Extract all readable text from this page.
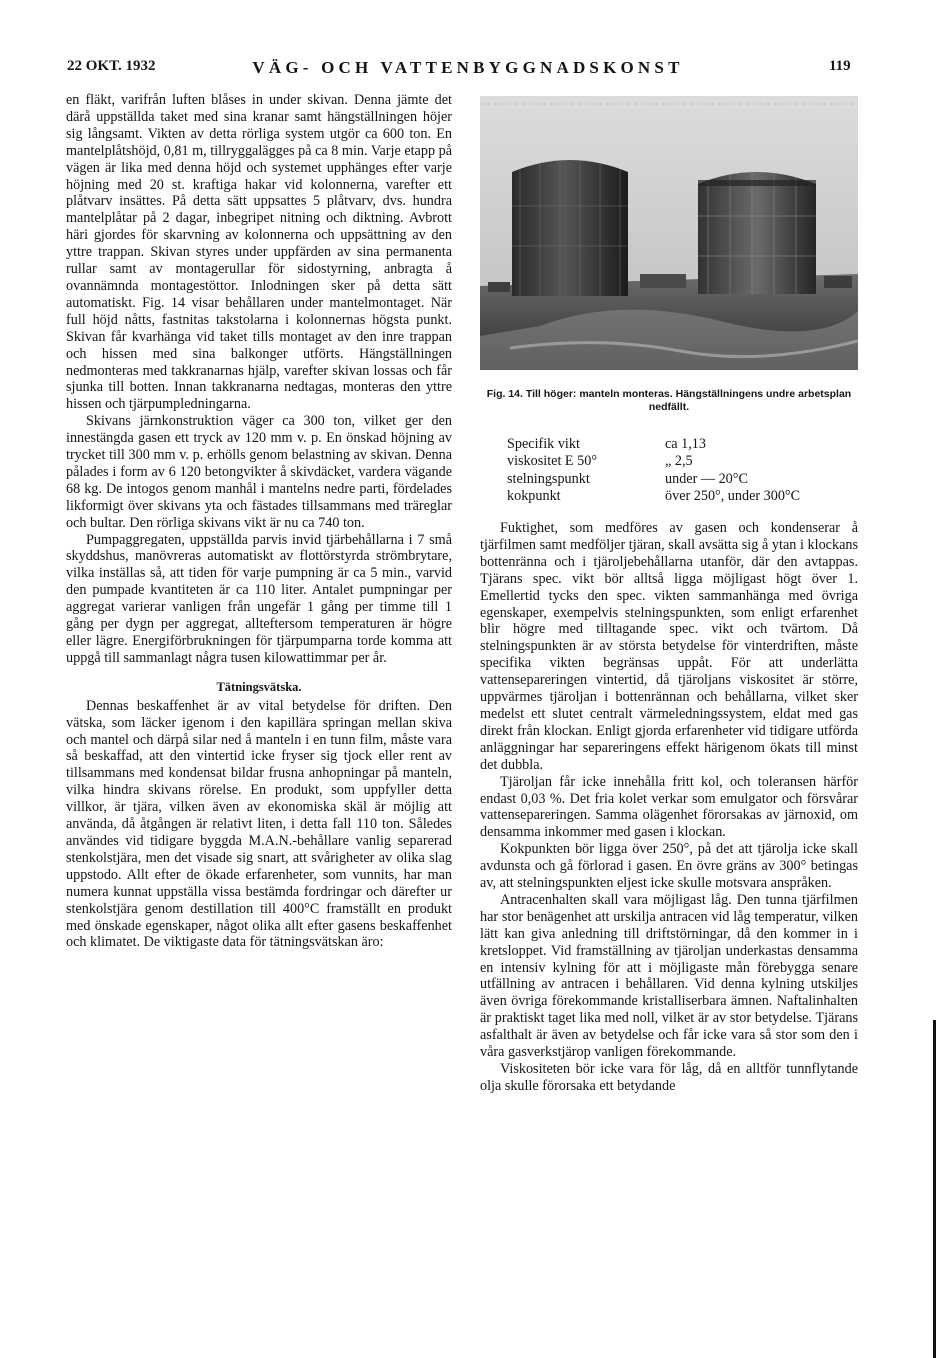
22 OKT. 1932	VÄG- OCH VATTENBYGGNADSKONST	119

en fläkt, varifrån luften blåses in under skivan. Denna jämte det därå uppställda taket med sina kranar samt hängställningen höjer sig långsamt. Vikten av detta rörliga system utgör ca 600 ton. En mantelplåtshöjd, 0,81 m, tillryggalägges på ca 8 min. Varje etapp på vägen är lika med denna höjd och systemet upphänges efter varje höjning med 20 st. kraftiga hakar vid kolonnerna, varefter ett plåtvarv insättes. På detta sätt uppsattes 5 plåtvarv, dvs. hundra mantelplåtar på 2 dagar, inbegripet nitning och diktning. Avbrott häri gjordes för skarvning av kolonnerna och uppsättning av den yttre trappan. Skivan styres under uppfärden av sina permanenta rullar samt av montagerullar för sidostyrning, anbragta å ovannämnda montagestöttor. Inlodningen sker på detta sätt automatiskt. Fig. 14 visar behållaren under mantelmontaget. När full höjd nåtts, fastnitas takstolarna i kolonnernas högsta punkt. Skivan får kvarhänga vid taket tills montaget av den inre trappan och hissen med sina balkonger utförts. Hängställningen nedmonteras med takkranarnas hjälp, varefter skivan lossas och får sjunka till botten. Innan takkranarna nedtagas, monteras den yttre hissen och tjärpumpledningarna.

Skivans järnkonstruktion väger ca 300 ton, vilket ger den innestängda gasen ett tryck av 120 mm v. p. En önskad höjning av trycket till 300 mm v. p. erhölls genom belastning av skivan. Denna pålades i form av 6 120 betongvikter å skivdäcket, vardera vägande 68 kg. De intogos genom manhål i mantelns nedre parti, fördelades likformigt över skivans yta och fästades tillsammans med träreglar och bultar. Den rörliga skivans vikt är nu ca 740 ton.

Pumpaggregaten, uppställda parvis invid tjärbehållarna i 7 små skyddshus, manövreras automatiskt av flottörstyrda strömbrytare, vilka inställas så, att tiden för varje pumpning är ca 5 min., varvid den pumpade kvantiteten är ca 110 liter. Antalet pumpningar per aggregat varierar vanligen från ungefär 1 gång per timme till 1 gång per dygn per aggregat, allteftersom temperaturen är högre eller lägre. Energiförbrukningen för tjärpumparna torde komma att uppgå till sammanlagt några tusen kilowattimmar per år.

Tätningsvätska.

Dennas beskaffenhet är av vital betydelse för driften. Den vätska, som läcker igenom i den kapillära springan mellan skiva och mantel och därpå silar ned å manteln i en tunn film, måste vara så beskaffad, att den vintertid icke fryser sig tjock eller rent av tillsammans med kondensat bildar frusna anhopningar på manteln, vilka hindra skivans rörelse. En produkt, som uppfyller detta villkor, är tjära, vilken även av ekonomiska skäl är möjlig att använda, då åtgången är relativt liten, i detta fall 110 ton. Således användes vid tidigare byggda M.A.N.-behållare vanlig separerad stenkolstjära, men det visade sig snart, att svårigheter av olika slag uppstodo. Allt efter de ökade erfarenheter, som vunnits, har man numera kunnat uppställa vissa bestämda fordringar och därefter ur stenkolstjära genom destillation till 400°C framställt en produkt med önskade egenskaper, något olika allt efter gasens beskaffenhet och klimatet. De viktigaste data för tätningsvätskan äro:

Fig. 14. Till höger: manteln monteras. Hängställningens undre arbetsplan nedfällt.
Specifik vikt	ca 1,13
viskositet E 50°	„ 2,5
stelningspunkt	under — 20°C
kokpunkt	över 250°, under 300°C

Fuktighet, som medföres av gasen och kondenserar å tjärfilmen samt medföljer tjäran, skall avsätta sig å ytan i klockans bottenränna och i tjäroljebehållarna utanför, där den avtappas. Tjärans spec. vikt bör alltså ligga möjligast högt över 1. Emellertid tycks den spec. vikten sammanhänga med övriga egenskaper, exempelvis stelningspunkten, som enligt erfarenhet blir högre med tilltagande spec. vikt och tvärtom. Då stelningspunkten är av största betydelse för vinterdriften, måste specifika vikten begränsas uppåt. För att underlätta vattensepareringen vintertid, då tjäroljans viskositet är större, uppvärmes tjäroljan i bottenrännan och behållarna, vilket sker medelst ett slutet centralt värmeledningssystem, eldat med gas direkt från klockan. Enligt gjorda erfarenheter vid tidigare utförda anläggningar har separeringens effekt härigenom ökats till minst det dubbla.

Tjäroljan får icke innehålla fritt kol, och toleransen härför endast 0,03 %. Det fria kolet verkar som emulgator och försvårar vattensepareringen. Samma olägenhet förorsakas av järnoxid, om densamma inkommer med gasen i klockan.

Kokpunkten bör ligga över 250°, på det att tjärolja icke skall avdunsta och gå förlorad i gasen. En övre gräns av 300° betingas av, att stelningspunkten eljest icke skulle motsvara anspråken.

Antracenhalten skall vara möjligast låg. Den tunna tjärfilmen har stor benägenhet att urskilja antracen vid låg temperatur, vilken lätt kan giva anledning till driftstörningar, då den kommer in i kretsloppet. Vid framställning av tjäroljan underkastas densamma en intensiv kylning för att i möjligaste mån förebygga senare utfällning av antracen i behållaren. Vid denna kylning utskiljes även övriga förekommande kristalliserbara ämnen. Naftalinhalten är praktiskt taget lika med noll, vilket är av stor betydelse. Tjärans asfalthalt är även av betydelse och får icke vara så stor som den i våra gasverkstjärор vanligen förekommande.

Viskositeten bör icke vara för låg, då en alltför tunnflytande olja skulle förorsaka ett betydande
